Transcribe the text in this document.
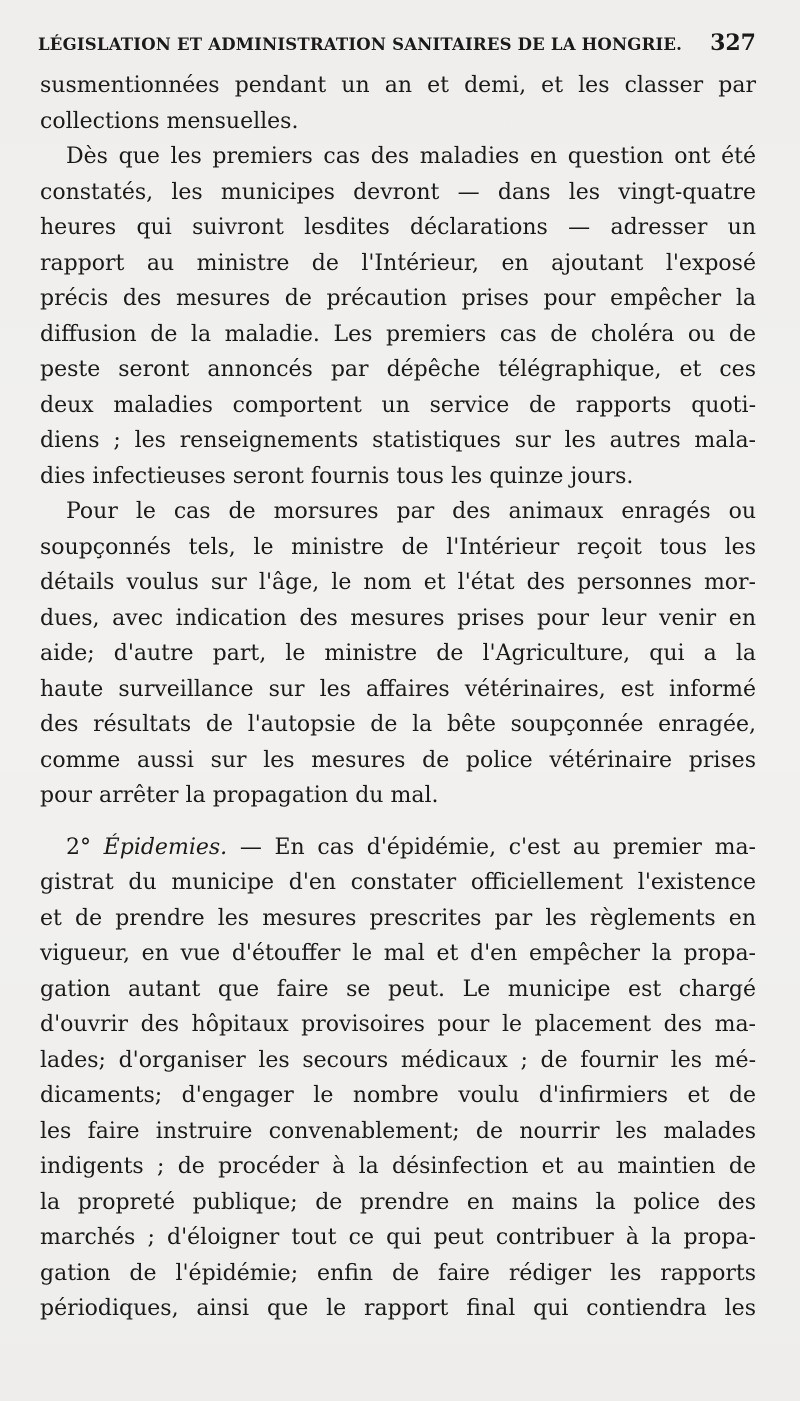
LÉGISLATION ET ADMINISTRATION SANITAIRES DE LA HONGRIE. 327
susmentionnées pendant un an et demi, et les classer par
collections mensuelles.
Dès que les premiers cas des maladies en question ont été
constatés, les municipes devront — dans les vingt-quatre
heures qui suivront lesdites déclarations — adresser un
rapport au ministre de l'Intérieur, en ajoutant l'exposé
précis des mesures de précaution prises pour empêcher la
diffusion de la maladie. Les premiers cas de choléra ou de
peste seront annoncés par dépêche télégraphique, et ces
deux maladies comportent un service de rapports quoti-
diens ; les renseignements statistiques sur les autres mala-
dies infectieuses seront fournis tous les quinze jours.
Pour le cas de morsures par des animaux enragés ou
soupçonnés tels, le ministre de l'Intérieur reçoit tous les
détails voulus sur l'âge, le nom et l'état des personnes mor-
dues, avec indication des mesures prises pour leur venir en
aide; d'autre part, le ministre de l'Agriculture, qui a la
haute surveillance sur les affaires vétérinaires, est informé
des résultats de l'autopsie de la bête soupçonnée enragée,
comme aussi sur les mesures de police vétérinaire prises
pour arrêter la propagation du mal.
2° Épidemies. — En cas d'épidémie, c'est au premier ma-
gistrat du municipe d'en constater officiellement l'existence
et de prendre les mesures prescrites par les règlements en
vigueur, en vue d'étouffer le mal et d'en empêcher la propa-
gation autant que faire se peut. Le municipe est chargé
d'ouvrir des hôpitaux provisoires pour le placement des ma-
lades; d'organiser les secours médicaux ; de fournir les mé-
dicaments; d'engager le nombre voulu d'infirmiers et de
les faire instruire convenablement; de nourrir les malades
indigents ; de procéder à la désinfection et au maintien de
la propreté publique; de prendre en mains la police des
marchés ; d'éloigner tout ce qui peut contribuer à la propa-
gation de l'épidémie; enfin de faire rédiger les rapports
périodiques, ainsi que le rapport final qui contiendra les
